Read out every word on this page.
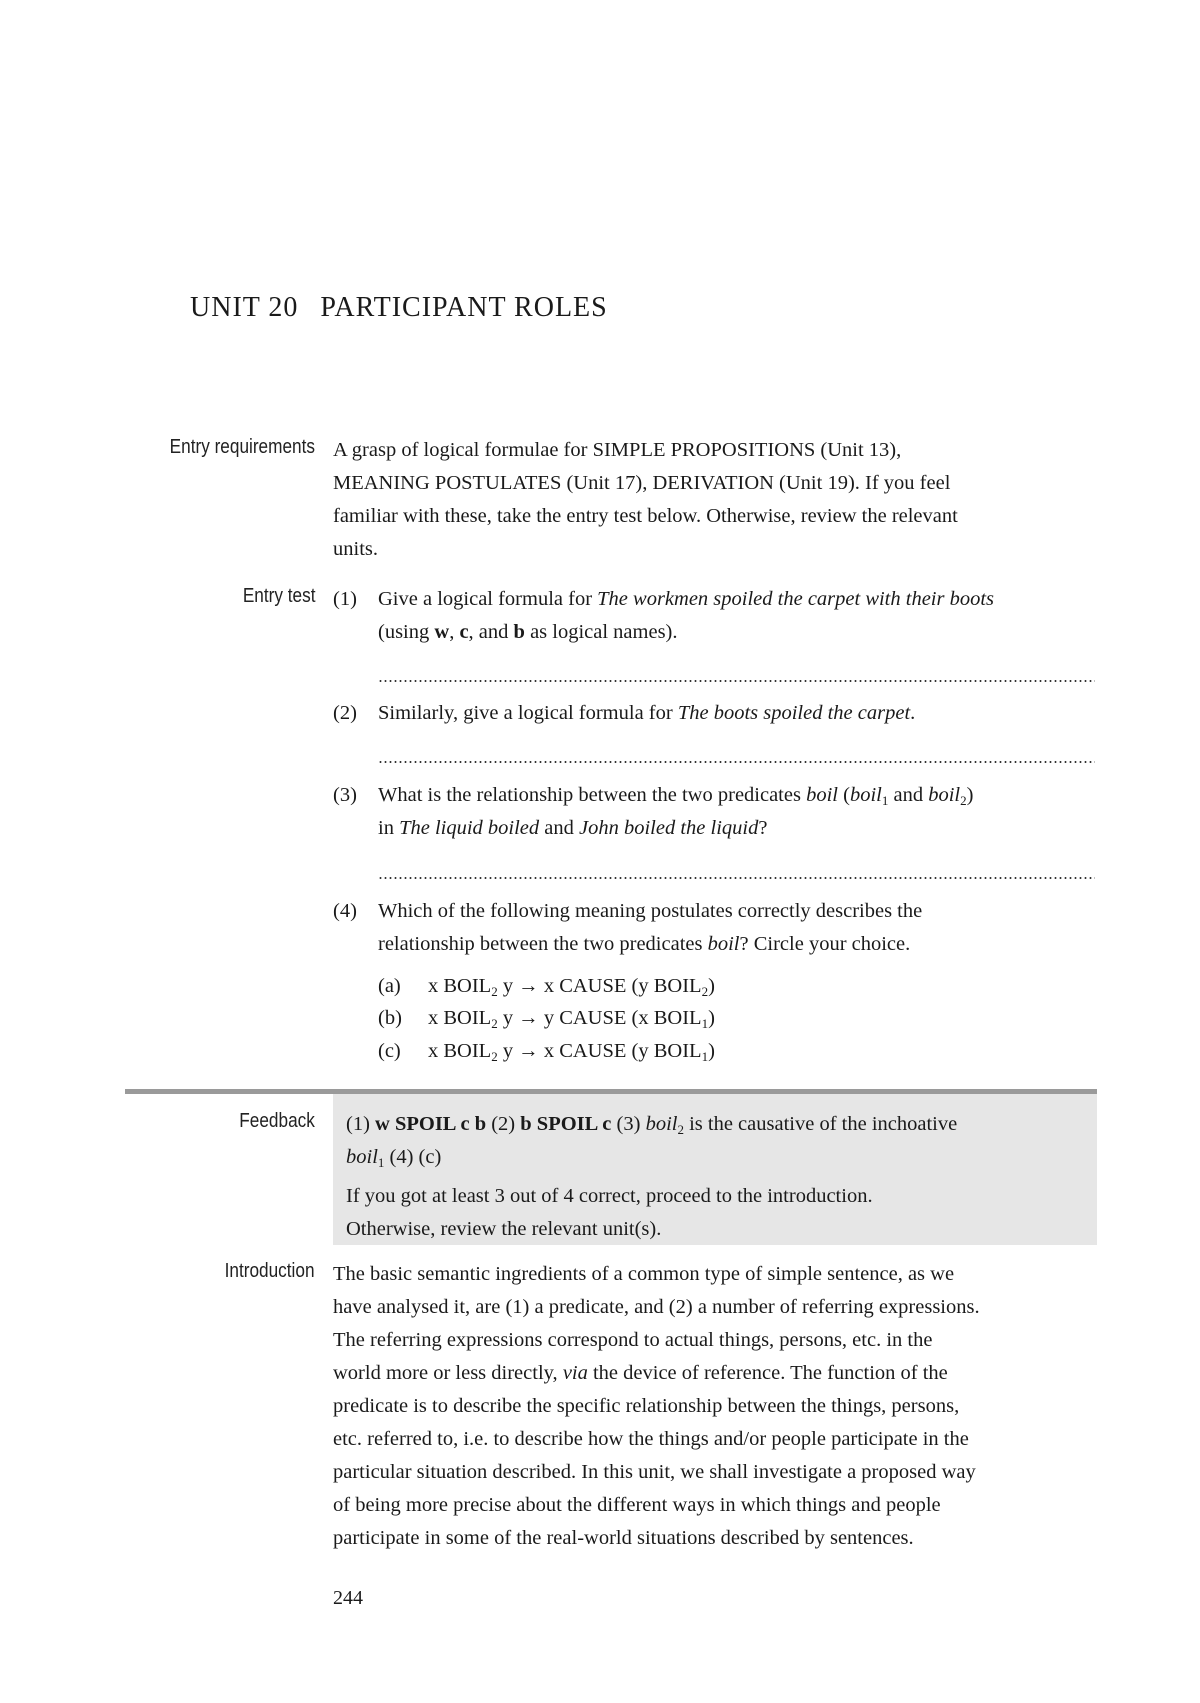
UNIT 20 PARTICIPANT ROLES
Entry requirements A grasp of logical formulae for SIMPLE PROPOSITIONS (Unit 13),
MEANING POSTULATES (Unit 17), DERIVATION (Unit 19). If you feel
familiar with these, take the entry test below. Otherwise, review the relevant
units.
Entry test (1) Give a logical formula for The workmen spoiled the carpet with their boots
(using w, c, and b as logical names).
(2) Similarly, give a logical formula for The boots spoiled the carpet.
(3) What is the relationship between the two predicates boil (boil$_1$ and boil$_2$)
in The liquid boiled and John boiled the liquid?
(4) Which of the following meaning postulates correctly describes the
relationship between the two predicates boil? Circle your choice.
(a) x $BOIL_2$ y → x CAUSE (y $BOIL_2$)
(b) x $BOIL_2$ y → y CAUSE (x $BOIL_1$)
(c) x $BOIL_2$ y → x CAUSE (y $BOIL_1$)
Feedback (1) w SPOIL c b (2) b SPOIL c (3) boil$_2$ is the causative of the inchoative
boil$_1$ (4) (c)
If you got at least 3 out of 4 correct, proceed to the introduction.
Otherwise, review the relevant unit(s).
Introduction The basic semantic ingredients of a common type of simple sentence, as we
have analysed it, are (1) a predicate, and (2) a number of referring expressions.
The referring expressions correspond to actual things, persons, etc. in the
world more or less directly, via the device of reference. The function of the
predicate is to describe the specific relationship between the things, persons,
etc. referred to, i.e. to describe how the things and/or people participate in the
particular situation described. In this unit, we shall investigate a proposed way
of being more precise about the different ways in which things and people
participate in some of the real-world situations described by sentences.
244
